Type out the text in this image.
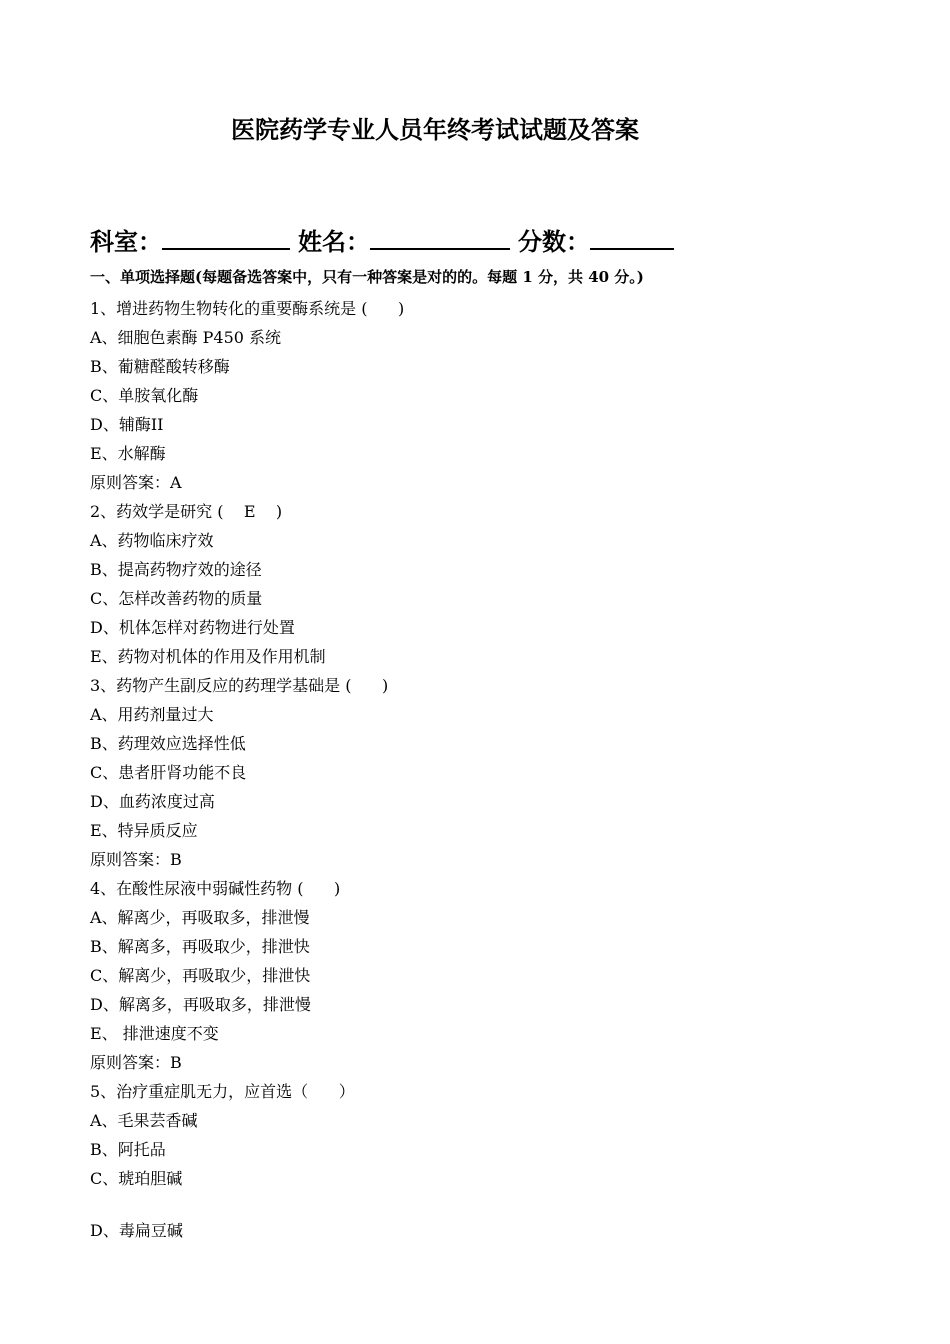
医院药学专业人员年终考试试题及答案
科室：	姓名：	分数：
一、单项选择题(每题备选答案中，只有一种答案是对的的。每题 1 分，共 40 分。)
1、增进药物生物转化的重要酶系统是 (      )
A、细胞色素酶 P450 系统
B、葡糖醛酸转移酶
C、单胺氧化酶
D、辅酶II
E、水解酶
原则答案：A
2、药效学是研究 (    E    )
A、药物临床疗效
B、提高药物疗效的途径
C、怎样改善药物的质量
D、机体怎样对药物进行处置
E、药物对机体的作用及作用机制
3、药物产生副反应的药理学基础是 (      )
A、用药剂量过大
B、药理效应选择性低
C、患者肝肾功能不良
D、血药浓度过高
E、特异质反应
原则答案：B
4、在酸性尿液中弱碱性药物 (      )
A、解离少，再吸取多，排泄慢
B、解离多，再吸取少，排泄快
C、解离少，再吸取少，排泄快
D、解离多，再吸取多，排泄慢
E、 排泄速度不变
原则答案：B
5、治疗重症肌无力，应首选（      ）
A、毛果芸香碱
B、阿托品
C、琥珀胆碱
D、毒扁豆碱
